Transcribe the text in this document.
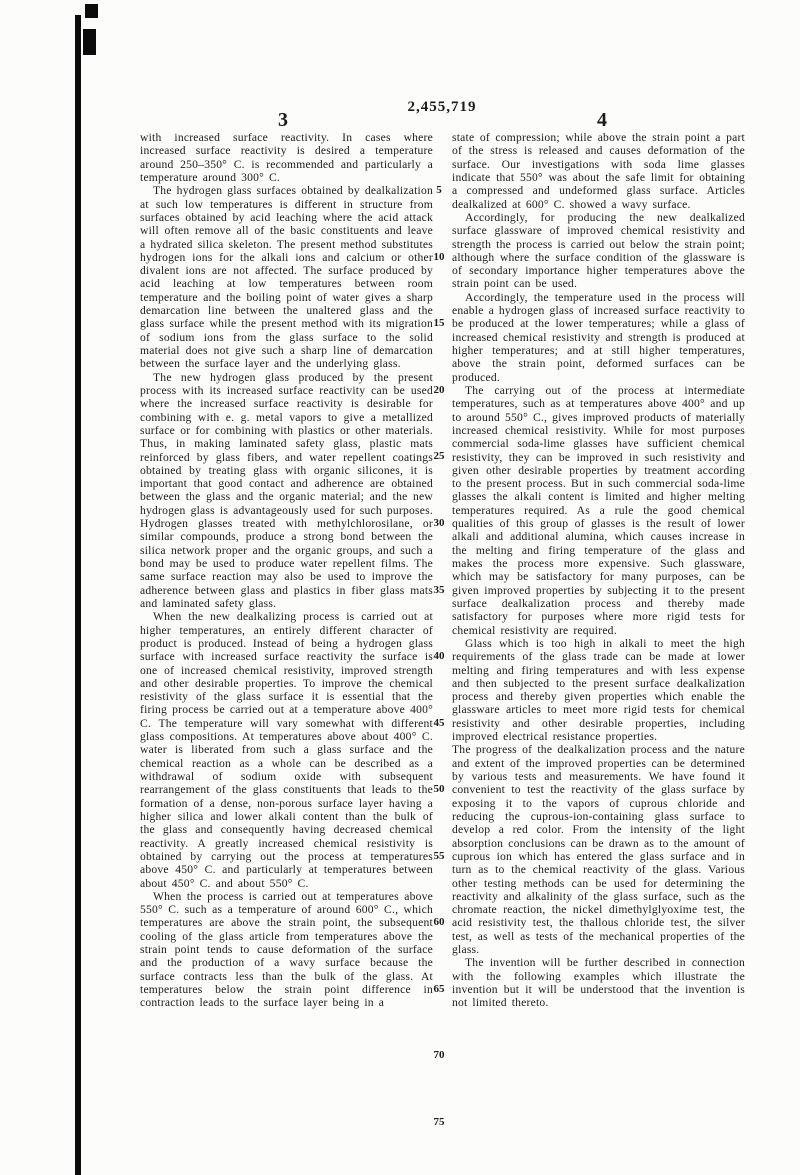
2,455,719
3	4

with increased surface reactivity. In cases where increased surface reactivity is desired a temperature around 250–350° C. is recommended and particularly a temperature around 300° C.

The hydrogen glass surfaces obtained by dealkalization at such low temperatures is different in structure from surfaces obtained by acid leaching where the acid attack will often remove all of the basic constituents and leave a hydrated silica skeleton. The present method substitutes hydrogen ions for the alkali ions and calcium or other divalent ions are not affected. The surface produced by acid leaching at low temperatures between room temperature and the boiling point of water gives a sharp demarcation line between the unaltered glass and the glass surface while the present method with its migration of sodium ions from the glass surface to the solid material does not give such a sharp line of demarcation between the surface layer and the underlying glass.

The new hydrogen glass produced by the present process with its increased surface reactivity can be used where the increased surface reactivity is desirable for combining with e. g. metal vapors to give a metallized surface or for combining with plastics or other materials. Thus, in making laminated safety glass, plastic mats reinforced by glass fibers, and water repellent coatings obtained by treating glass with organic silicones, it is important that good contact and adherence are obtained between the glass and the organic material; and the new hydrogen glass is advantageously used for such purposes. Hydrogen glasses treated with methylchlorosilane, or similar compounds, produce a strong bond between the silica network proper and the organic groups, and such a bond may be used to produce water repellent films. The same surface reaction may also be used to improve the adherence between glass and plastics in fiber glass mats and laminated safety glass.

When the new dealkalizing process is carried out at higher temperatures, an entirely different character of product is produced. Instead of being a hydrogen glass surface with increased surface reactivity the surface is one of increased chemical resistivity, improved strength and other desirable properties. To improve the chemical resistivity of the glass surface it is essential that the firing process be carried out at a temperature above 400° C. The temperature will vary somewhat with different glass compositions. At temperatures above about 400° C. water is liberated from such a glass surface and the chemical reaction as a whole can be described as a withdrawal of sodium oxide with subsequent rearrangement of the glass constituents that leads to the formation of a dense, non-porous surface layer having a higher silica and lower alkali content than the bulk of the glass and consequently having decreased chemical reactivity. A greatly increased chemical resistivity is obtained by carrying out the process at temperatures above 450° C. and particularly at temperatures between about 450° C. and about 550° C.

When the process is carried out at temperatures above 550° C. such as a temperature of around 600° C., which temperatures are above the strain point, the subsequent cooling of the glass article from temperatures above the strain point tends to cause deformation of the surface and the production of a wavy surface because the surface contracts less than the bulk of the glass. At temperatures below the strain point difference in contraction leads to the surface layer being in a

5
10
15
20
25
30
35
40
45
50
55
60
65
70
75

state of compression; while above the strain point a part of the stress is released and causes deformation of the surface. Our investigations with soda lime glasses indicate that 550° was about the safe limit for obtaining a compressed and undeformed glass surface. Articles dealkalized at 600° C. showed a wavy surface.

Accordingly, for producing the new dealkalized surface glassware of improved chemical resistivity and strength the process is carried out below the strain point; although where the surface condition of the glassware is of secondary importance higher temperatures above the strain point can be used.

Accordingly, the temperature used in the process will enable a hydrogen glass of increased surface reactivity to be produced at the lower temperatures; while a glass of increased chemical resistivity and strength is produced at higher temperatures; and at still higher temperatures, above the strain point, deformed surfaces can be produced.

The carrying out of the process at intermediate temperatures, such as at temperatures above 400° and up to around 550° C., gives improved products of materially increased chemical resistivity. While for most purposes commercial soda-lime glasses have sufficient chemical resistivity, they can be improved in such resistivity and given other desirable properties by treatment according to the present process. But in such commercial soda-lime glasses the alkali content is limited and higher melting temperatures required. As a rule the good chemical qualities of this group of glasses is the result of lower alkali and additional alumina, which causes increase in the melting and firing temperature of the glass and makes the process more expensive. Such glassware, which may be satisfactory for many purposes, can be given improved properties by subjecting it to the present surface dealkalization process and thereby made satisfactory for purposes where more rigid tests for chemical resistivity are required.

Glass which is too high in alkali to meet the high requirements of the glass trade can be made at lower melting and firing temperatures and with less expense and then subjected to the present surface dealkalization process and thereby given properties which enable the glassware articles to meet more rigid tests for chemical resistivity and other desirable properties, including improved electrical resistance properties.

The progress of the dealkalization process and the nature and extent of the improved properties can be determined by various tests and measurements. We have found it convenient to test the reactivity of the glass surface by exposing it to the vapors of cuprous chloride and reducing the cuprous-ion-containing glass surface to develop a red color. From the intensity of the light absorption conclusions can be drawn as to the amount of cuprous ion which has entered the glass surface and in turn as to the chemical reactivity of the glass. Various other testing methods can be used for determining the reactivity and alkalinity of the glass surface, such as the chromate reaction, the nickel dimethylglyoxime test, the acid resistivity test, the thallous chloride test, the silver test, as well as tests of the mechanical properties of the glass.

The invention will be further described in connection with the following examples which illustrate the invention but it will be understood that the invention is not limited thereto.
